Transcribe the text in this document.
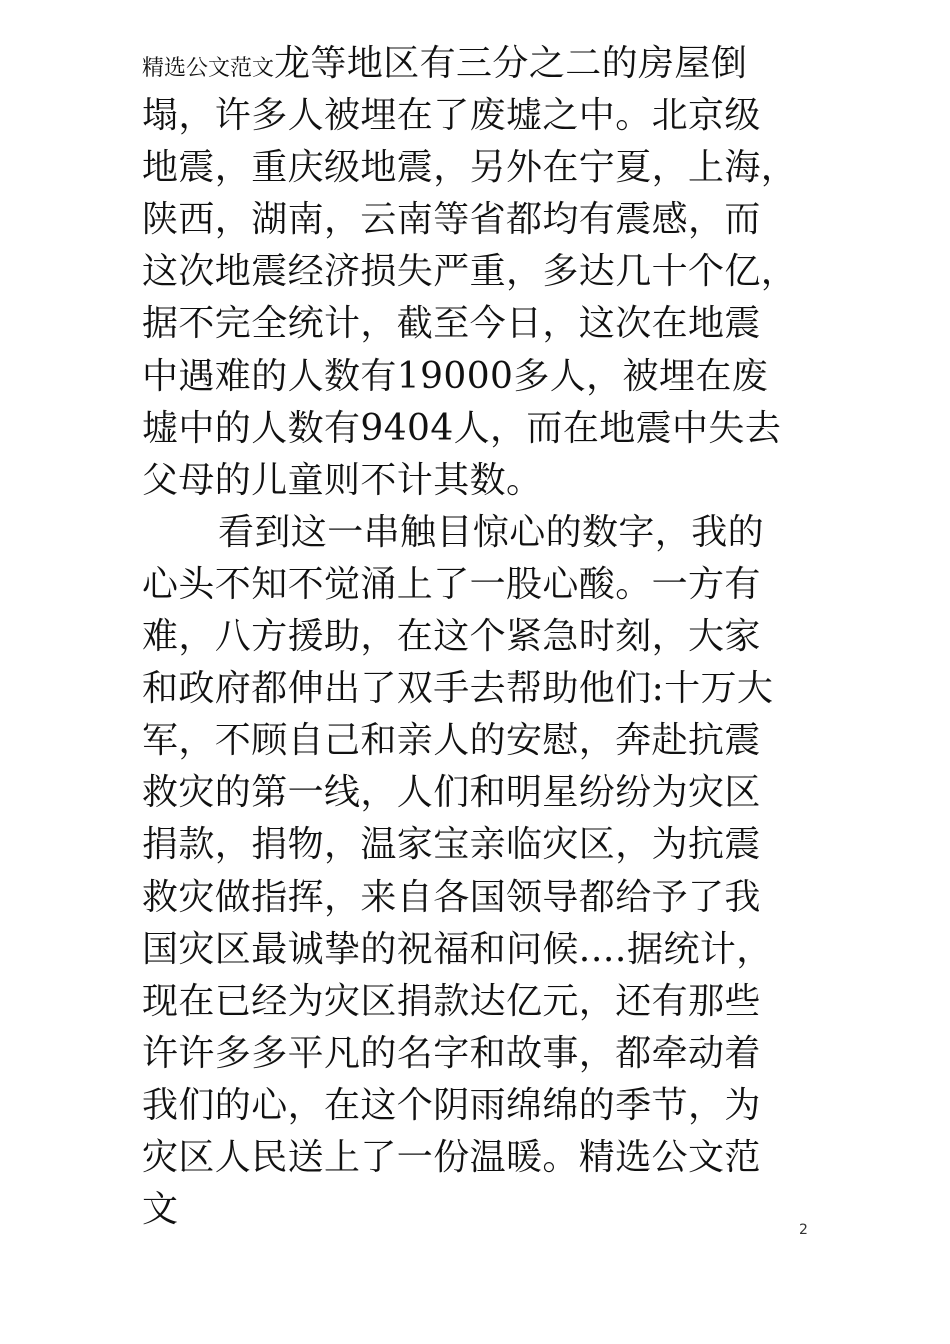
精选公文范文龙等地区有三分之二的房屋倒
塌，许多人被埋在了废墟之中。北京级
地震，重庆级地震，另外在宁夏，上海，
陕西，湖南，云南等省都均有震感，而
这次地震经济损失严重，多达几十个亿，
据不完全统计，截至今日，这次在地震
中遇难的人数有19000多人，被埋在废
墟中的人数有9404人，而在地震中失去
父母的儿童则不计其数。
看到这一串触目惊心的数字，我的
心头不知不觉涌上了一股心酸。一方有
难，八方援助，在这个紧急时刻，大家
和政府都伸出了双手去帮助他们:十万大
军，不顾自己和亲人的安慰，奔赴抗震
救灾的第一线，人们和明星纷纷为灾区
捐款，捐物，温家宝亲临灾区，为抗震
救灾做指挥，来自各国领导都给予了我
国灾区最诚挚的祝福和问候.…据统计，
现在已经为灾区捐款达亿元，还有那些
许许多多平凡的名字和故事，都牵动着
我们的心，在这个阴雨绵绵的季节，为
灾区人民送上了一份温暖。精选公文范
文	2
